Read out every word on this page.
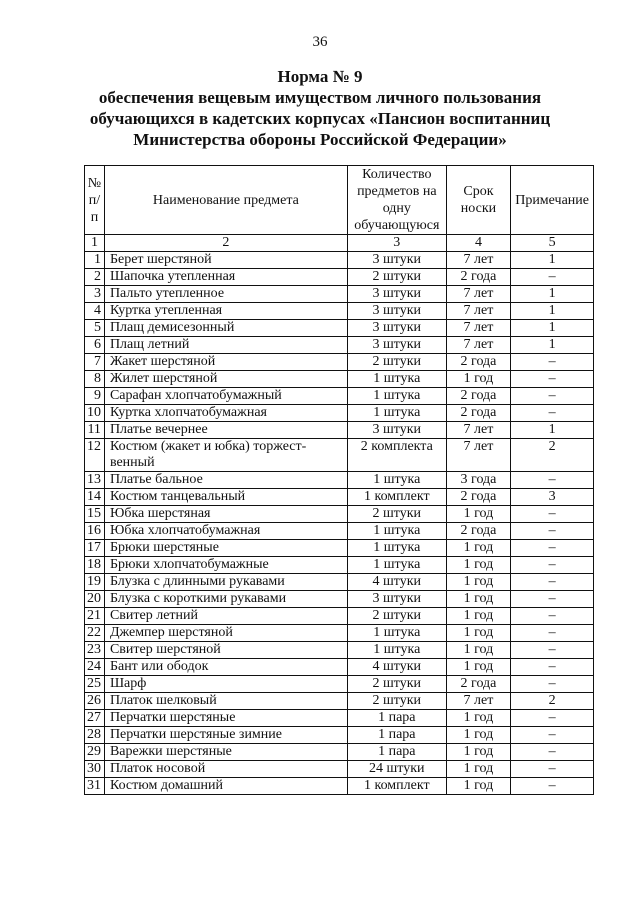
36
Норма № 9
обеспечения вещевым имуществом личного пользования
обучающихся в кадетских корпусах «Пансион воспитанниц
Министерства обороны Российской Федерации»
№ п/п	Наименование предмета	Количество предметов на одну обучающуюся	Срок носки	Примечание
1	2	3	4	5
1	Берет шерстяной	3 штуки	7 лет	1
2	Шапочка утепленная	2 штуки	2 года	–
3	Пальто утепленное	3 штуки	7 лет	1
4	Куртка утепленная	3 штуки	7 лет	1
5	Плащ демисезонный	3 штуки	7 лет	1
6	Плащ летний	3 штуки	7 лет	1
7	Жакет шерстяной	2 штуки	2 года	–
8	Жилет шерстяной	1 штука	1 год	–
9	Сарафан хлопчатобумажный	1 штука	2 года	–
10	Куртка хлопчатобумажная	1 штука	2 года	–
11	Платье вечернее	3 штуки	7 лет	1
12	Костюм (жакет и юбка) торжест-венный	2 комплекта	7 лет	2
13	Платье бальное	1 штука	3 года	–
14	Костюм танцевальный	1 комплект	2 года	3
15	Юбка шерстяная	2 штуки	1 год	–
16	Юбка хлопчатобумажная	1 штука	2 года	–
17	Брюки шерстяные	1 штука	1 год	–
18	Брюки хлопчатобумажные	1 штука	1 год	–
19	Блузка с длинными рукавами	4 штуки	1 год	–
20	Блузка с короткими рукавами	3 штуки	1 год	–
21	Свитер летний	2 штуки	1 год	–
22	Джемпер шерстяной	1 штука	1 год	–
23	Свитер шерстяной	1 штука	1 год	–
24	Бант или ободок	4 штуки	1 год	–
25	Шарф	2 штуки	2 года	–
26	Платок шелковый	2 штуки	7 лет	2
27	Перчатки шерстяные	1 пара	1 год	–
28	Перчатки шерстяные зимние	1 пара	1 год	–
29	Варежки шерстяные	1 пара	1 год	–
30	Платок носовой	24 штуки	1 год	–
31	Костюм домашний	1 комплект	1 год	–
